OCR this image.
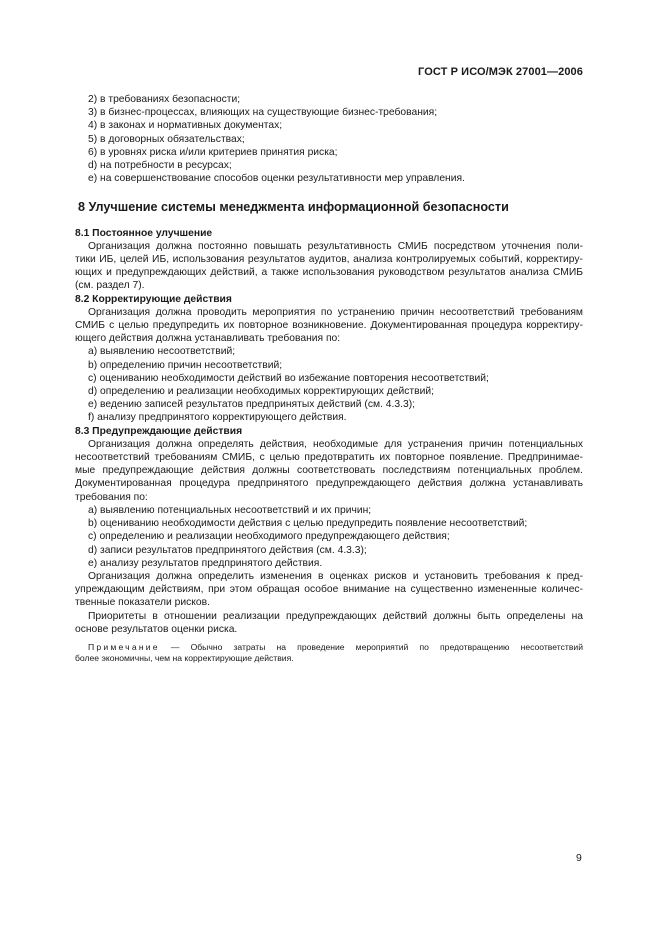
ГОСТ Р ИСО/МЭК 27001—2006
2) в требованиях безопасности;
3) в бизнес-процессах, влияющих на существующие бизнес-требования;
4) в законах и нормативных документах;
5) в договорных обязательствах;
6) в уровнях риска и/или критериев принятия риска;
d) на потребности в ресурсах;
e) на совершенствование способов оценки результативности мер управления.
8 Улучшение системы менеджмента информационной безопасности
8.1 Постоянное улучшение
Организация должна постоянно повышать результативность СМИБ посредством уточнения поли-
тики ИБ, целей ИБ, использования результатов аудитов, анализа контролируемых событий, корректиру-
ющих и предупреждающих действий, а также использования руководством результатов анализа СМИБ
(см. раздел 7).
8.2 Корректирующие действия
Организация должна проводить мероприятия по устранению причин несоответствий требованиям
СМИБ с целью предупредить их повторное возникновение. Документированная процедура корректиру-
ющего действия должна устанавливать требования по:
a) выявлению несоответствий;
b) определению причин несоответствий;
c) оцениванию необходимости действий во избежание повторения несоответствий;
d) определению и реализации необходимых корректирующих действий;
e) ведению записей результатов предпринятых действий (см. 4.3.3);
f) анализу предпринятого корректирующего действия.
8.3 Предупреждающие действия
Организация должна определять действия, необходимые для устранения причин потенциальных
несоответствий требованиям СМИБ, с целью предотвратить их повторное появление. Предпринимае-
мые предупреждающие действия должны соответствовать последствиям потенциальных проблем.
Документированная процедура предпринятого предупреждающего действия должна устанавливать
требования по:
a) выявлению потенциальных несоответствий и их причин;
b) оцениванию необходимости действия с целью предупредить появление несоответствий;
c) определению и реализации необходимого предупреждающего действия;
d) записи результатов предпринятого действия (см. 4.3.3);
e) анализу результатов предпринятого действия.
Организация должна определить изменения в оценках рисков и установить требования к пред-
упреждающим действиям, при этом обращая особое внимание на существенно измененные количес-
твенные показатели рисков.
Приоритеты в отношении реализации предупреждающих действий должны быть определены на
основе результатов оценки риска.
Примечание — Обычно затраты на проведение мероприятий по предотвращению несоответствий
более экономичны, чем на корректирующие действия.
9
